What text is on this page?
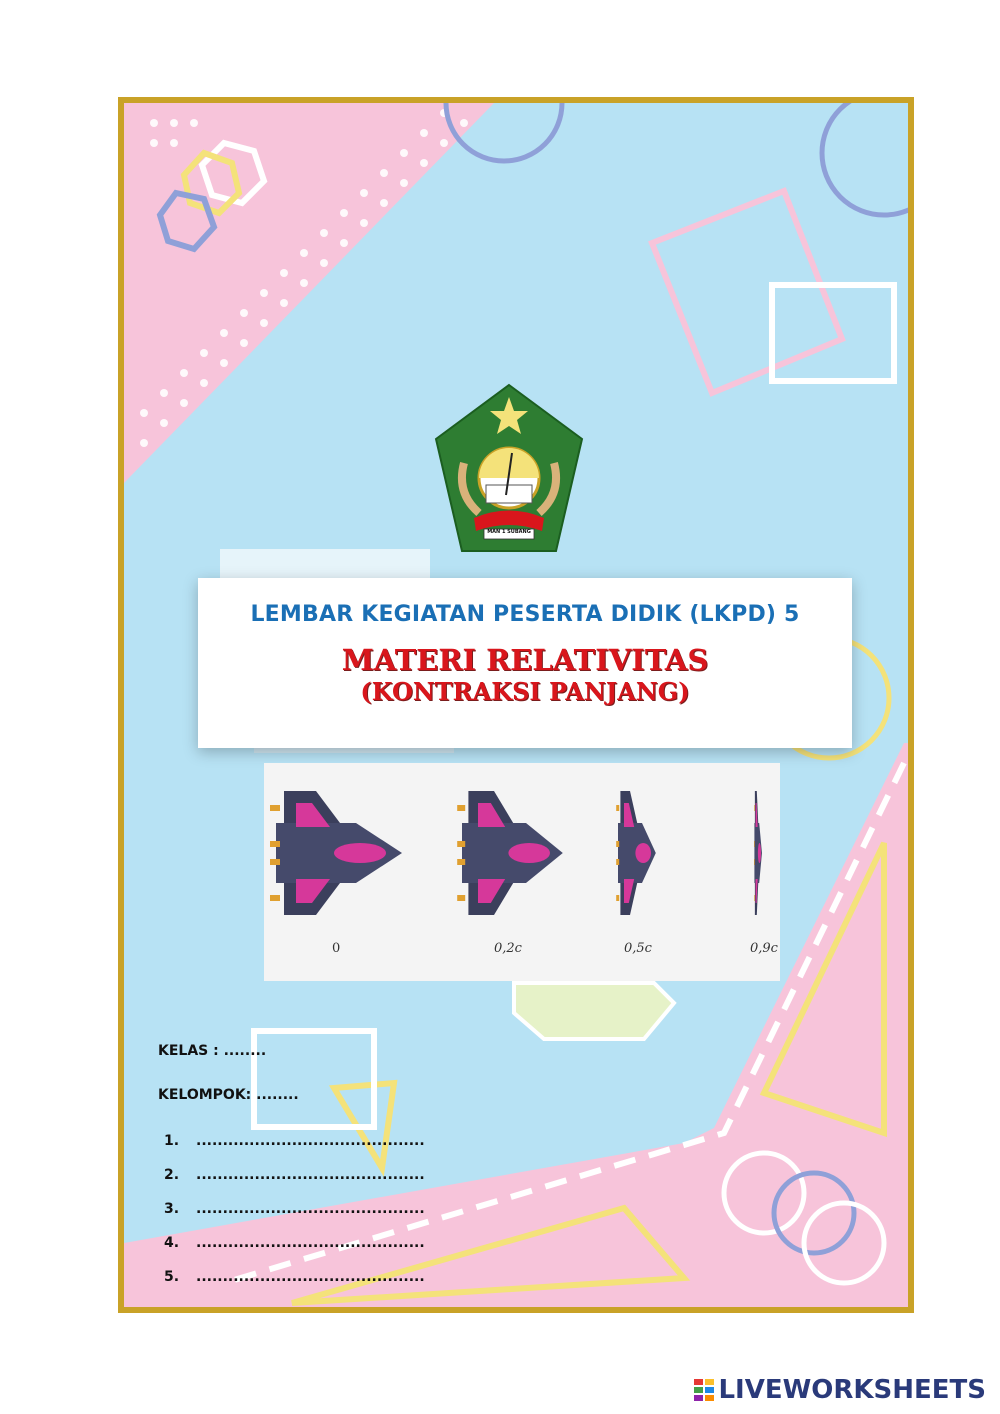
MAN 1 SUBANG
LEMBAR KEGIATAN PESERTA DIDIK (LKPD) 5
MATERI RELATIVITAS
(KONTRAKSI PANJANG)
0	0,2c	0,5c	0,9c
KELAS : ........
KELOMPOK: ........
1. ...........................................
2. ...........................................
3. ...........................................
4. ...........................................
5. ...........................................
LIVEWORKSHEETS
